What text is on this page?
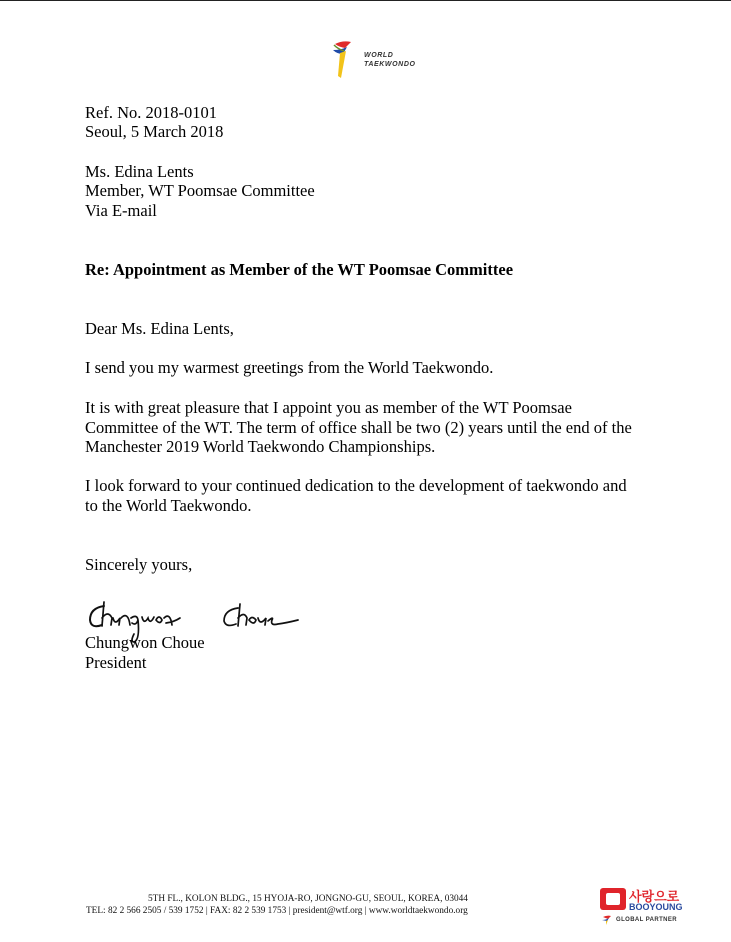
WORLD
TAEKWONDO
Ref. No. 2018-0101
Seoul, 5 March 2018
Ms. Edina Lents
Member, WT Poomsae Committee
Via E-mail
Re: Appointment as Member of the WT Poomsae Committee
Dear Ms. Edina Lents,
I send you my warmest greetings from the World Taekwondo.
It is with great pleasure that I appoint you as member of the WT Poomsae
Committee of the WT. The term of office shall be two (2) years until the end of the
Manchester 2019 World Taekwondo Championships.
I look forward to your continued dedication to the development of taekwondo and
to the World Taekwondo.
Sincerely yours,
Chungwon Choue
President
5TH FL., KOLON BLDG., 15 HYOJA-RO, JONGNO-GU, SEOUL, KOREA, 03044
TEL: 82 2 566 2505 / 539 1752 | FAX: 82 2 539 1753 | president@wtf.org | www.worldtaekwondo.org
사랑으로
BOOYOUNG
GLOBAL PARTNER
